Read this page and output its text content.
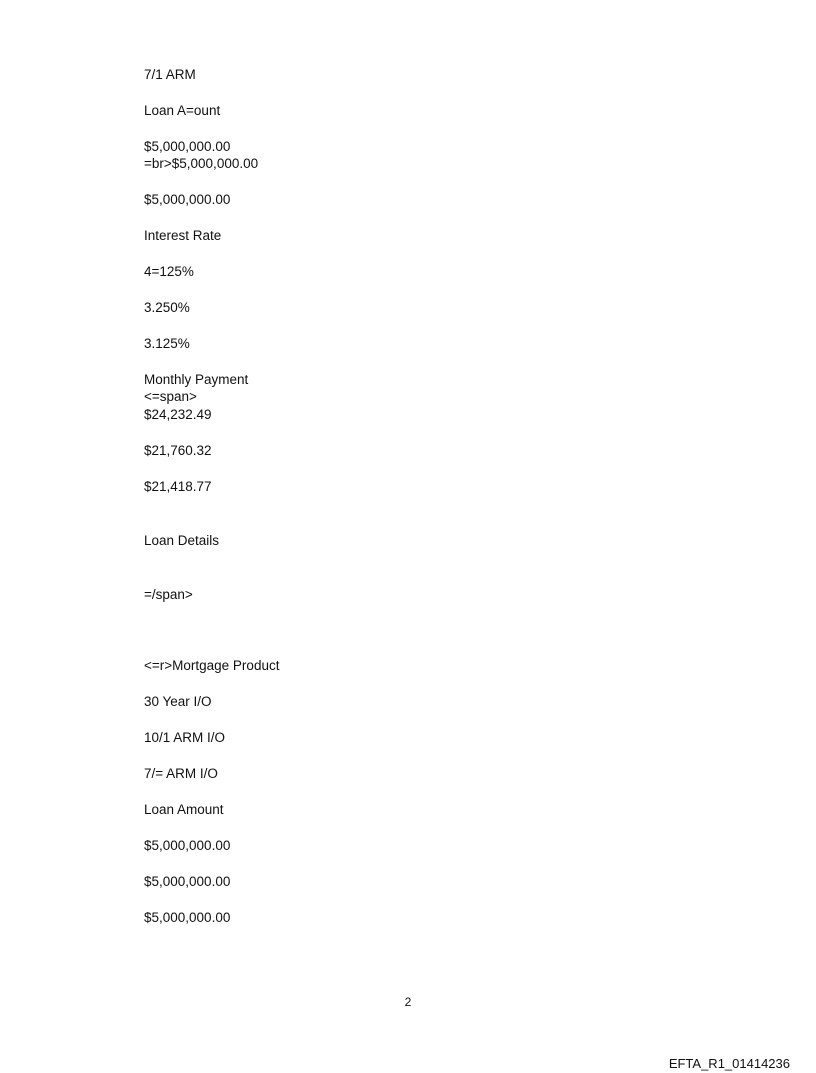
7/1 ARM
Loan A=ount
$5,000,000.00
=br>$5,000,000.00
$5,000,000.00
Interest Rate
4=125%
3.250%
3.125%
Monthly Payment
<=span>
$24,232.49
$21,760.32
$21,418.77
Loan Details
=/span>
<=r>Mortgage Product
30 Year I/O
10/1 ARM I/O
7/= ARM I/O
Loan Amount
$5,000,000.00
$5,000,000.00
$5,000,000.00
2
EFTA_R1_01414236
